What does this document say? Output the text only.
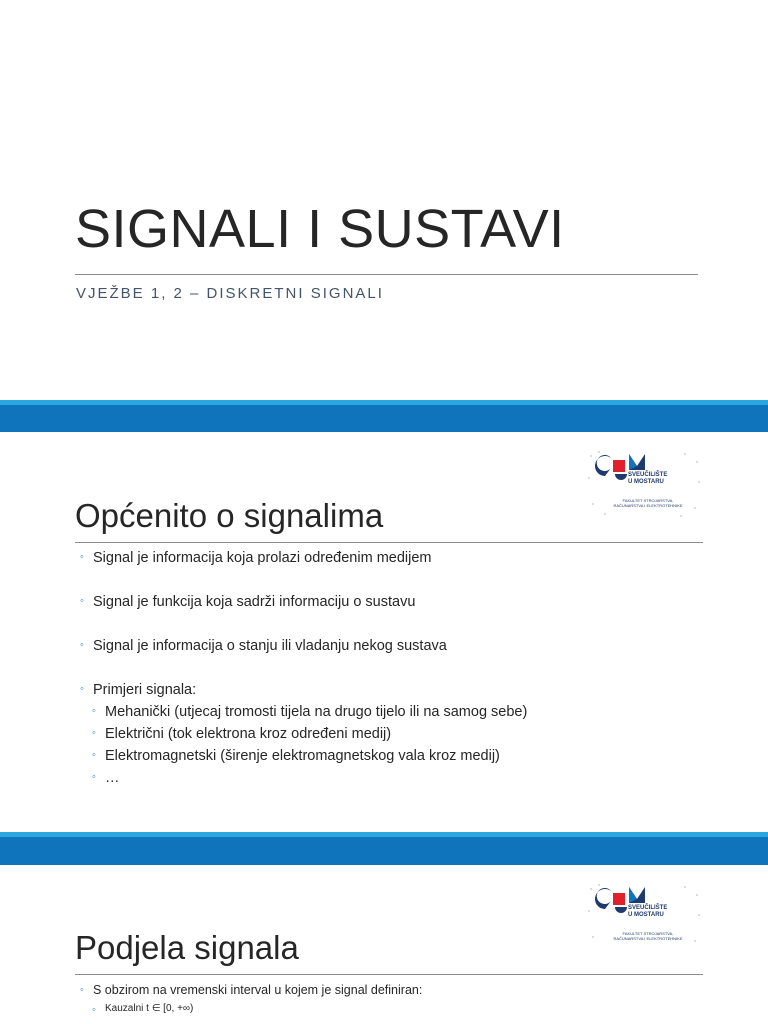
SIGNALI I SUSTAVI
VJEŽBE 1, 2 – DISKRETNI SIGNALI
SVEUČILIŠTE
U MOSTARU
FAKULTET STROJARSTVA,
RAČUNARSTVA I ELEKTROTEHNIKE
Općenito o signalima
◦ Signal je informacija koja prolazi određenim medijem
◦ Signal je funkcija koja sadrži informaciju o sustavu
◦ Signal je informacija o stanju ili vladanju nekog sustava
◦ Primjeri signala:
◦ Mehanički (utjecaj tromosti tijela na drugo tijelo ili na samog sebe)
◦ Električni (tok elektrona kroz određeni medij)
◦ Elektromagnetski (širenje elektromagnetskog vala kroz medij)
◦ …
SVEUČILIŠTE
U MOSTARU
FAKULTET STROJARSTVA,
RAČUNARSTVA I ELEKTROTEHNIKE
Podjela signala
◦ S obzirom na vremenski interval u kojem je signal definiran:
◦ Kauzalni t ∈ [0, +∞)
